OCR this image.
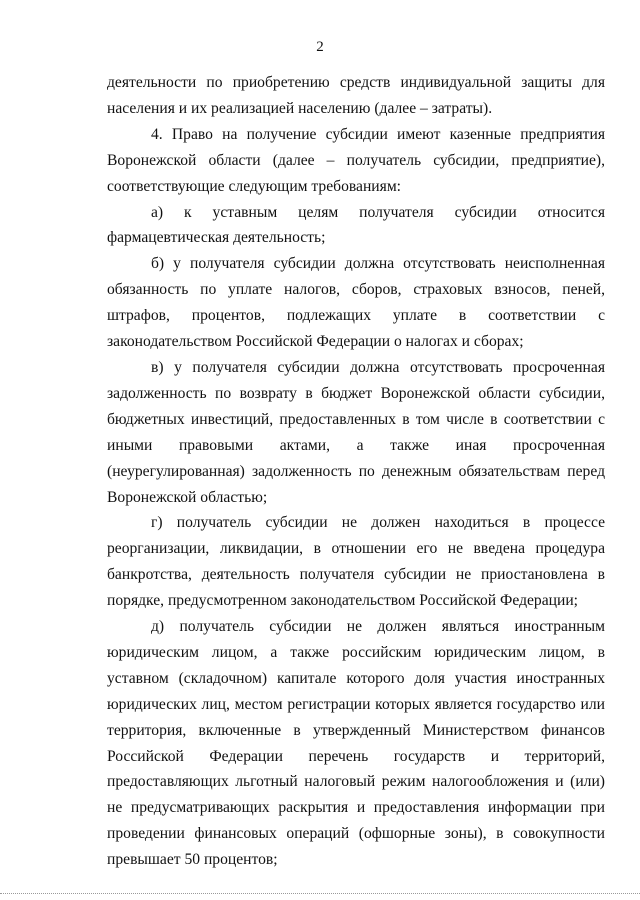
2

деятельности по приобретению средств индивидуальной защиты для населения и их реализацией населению (далее – затраты).

4. Право на получение субсидии имеют казенные предприятия Воронежской области (далее – получатель субсидии, предприятие), соответствующие следующим требованиям:

а) к уставным целям получателя субсидии относится фармацевтическая деятельность;

б) у получателя субсидии должна отсутствовать неисполненная обязанность по уплате налогов, сборов, страховых взносов, пеней, штрафов, процентов, подлежащих уплате в соответствии с законодательством Российской Федерации о налогах и сборах;

в) у получателя субсидии должна отсутствовать просроченная задолженность по возврату в бюджет Воронежской области субсидии, бюджетных инвестиций, предоставленных в том числе в соответствии с иными правовыми актами, а также иная просроченная (неурегулированная) задолженность по денежным обязательствам перед Воронежской областью;

г) получатель субсидии не должен находиться в процессе реорганизации, ликвидации, в отношении его не введена процедура банкротства, деятельность получателя субсидии не приостановлена в порядке, предусмотренном законодательством Российской Федерации;

д) получатель субсидии не должен являться иностранным юридическим лицом, а также российским юридическим лицом, в уставном (складочном) капитале которого доля участия иностранных юридических лиц, местом регистрации которых является государство или территория, включенные в утвержденный Министерством финансов Российской Федерации перечень государств и территорий, предоставляющих льготный налоговый режим налогообложения и (или) не предусматривающих раскрытия и предоставления информации при проведении финансовых операций (офшорные зоны), в совокупности превышает 50 процентов;
